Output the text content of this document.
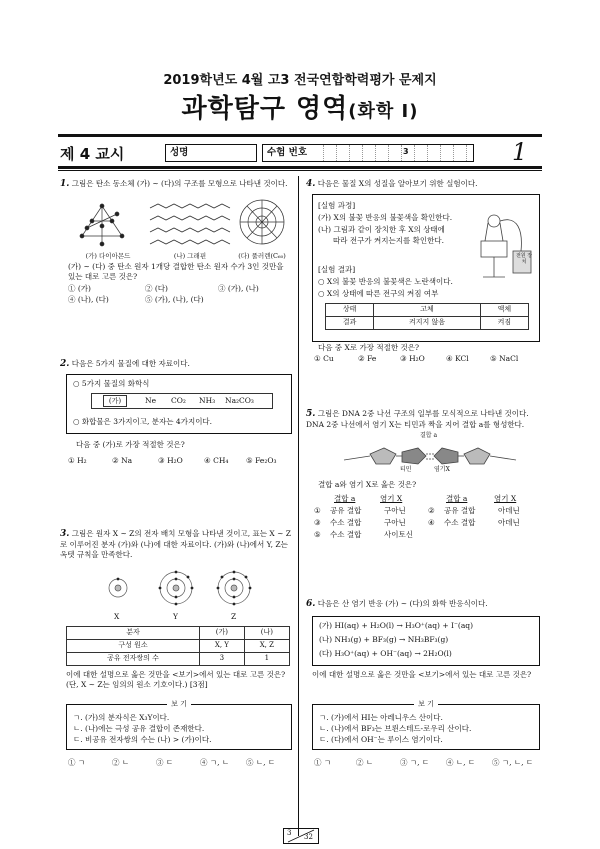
2019학년도 4월 고3 전국연합학력평가 문제지
과학탐구 영역(화학 Ⅰ)
제 4 교시	성명	수험 번호	3	1
1. 그림은 탄소 동소체 (가) ~ (다)의 구조를 모형으로 나타낸 것이다.
(가) 다이아몬드	(나) 그래핀	(다) 풀러렌(C₆₀)
(가) ~ (다) 중 탄소 원자 1개당 결합한 탄소 원자 수가 3인 것만을 있는 대로 고른 것은?
① (가)	② (다)	③ (가), (나)
④ (나), (다)	⑤ (가), (나), (다)
2. 다음은 5가지 물질에 대한 자료이다.
○ 5가지 물질의 화학식
(가)	Ne CO₂ NH₃ Na₂CO₃
○ 화합물은 3가지이고, 분자는 4가지이다.
다음 중 (가)로 가장 적절한 것은?
① H₂	② Na	③ H₂O	④ CH₄ ⑤ Fe₂O₃
3. 그림은 원자 X ~ Z의 전자 배치 모형을 나타낸 것이고, 표는 X ~ Z로 이루어진 분자 (가)와 (나)에 대한 자료이다. (가)와 (나)에서 Y, Z는 옥텟 규칙을 만족한다.
X	Y	Z
분자	(가)	(나)
구성 원소	X, Y	X, Z
공유 전자쌍의 수	3	1
이에 대한 설명으로 옳은 것만을 <보기>에서 있는 대로 고른 것은? (단, X ~ Z는 임의의 원소 기호이다.) [3점]
보 기
ㄱ. (가)의 분자식은 X₃Y이다.
ㄴ. (나)에는 극성 공유 결합이 존재한다.
ㄷ. 비공유 전자쌍의 수는 (나) > (가)이다.
① ㄱ	② ㄴ	③ ㄷ	④ ㄱ, ㄴ ⑤ ㄴ, ㄷ
4. 다음은 물질 X의 성질을 알아보기 위한 실험이다.
[실험 과정]
(가) X의 불꽃 반응의 불꽃색을 확인한다.
(나) 그림과 같이 장치한 후 X의 상태에
따라 전구가 켜지는지를 확인한다.
전원 장치
[실험 결과]
○ X의 불꽃 반응의 불꽃색은 노란색이다.
○ X의 상태에 따른 전구의 켜짐 여부
상태	고체	액체
결과	켜지지 않음	켜짐
다음 중 X로 가장 적절한 것은?
① Cu	② Fe	③ H₂O	④ KCl	⑤ NaCl
5. 그림은 DNA 2중 나선 구조의 일부를 모식적으로 나타낸 것이다. DNA 2중 나선에서 염기 X는 티민과 짝을 지어 결합 a를 형성한다.
결합 a
티민	염기X
결합 a와 염기 X로 옳은 것은?
결합 a	염기 X	결합 a	염기 X
① 공유 결합	구아닌	② 공유 결합	아데닌
③ 수소 결합	구아닌	④ 수소 결합	아데닌
⑤ 수소 결합	사이토신
6. 다음은 산 염기 반응 (가) ~ (다)의 화학 반응식이다.
(가) HI(aq) + H₂O(l) → H₃O⁺(aq) + I⁻(aq)
(나) NH₃(g) + BF₃(g) → NH₃BF₃(g)
(다) H₃O⁺(aq) + OH⁻(aq) → 2H₂O(l)
이에 대한 설명으로 옳은 것만을 <보기>에서 있는 대로 고른 것은?
보 기
ㄱ. (가)에서 HI는 아레니우스 산이다.
ㄴ. (나)에서 BF₃는 브뢴스테드-로우리 산이다.
ㄷ. (다)에서 OH⁻는 루이스 염기이다.
① ㄱ	② ㄴ	③ ㄱ, ㄷ ④ ㄴ, ㄷ ⑤ ㄱ, ㄴ, ㄷ
3 32
